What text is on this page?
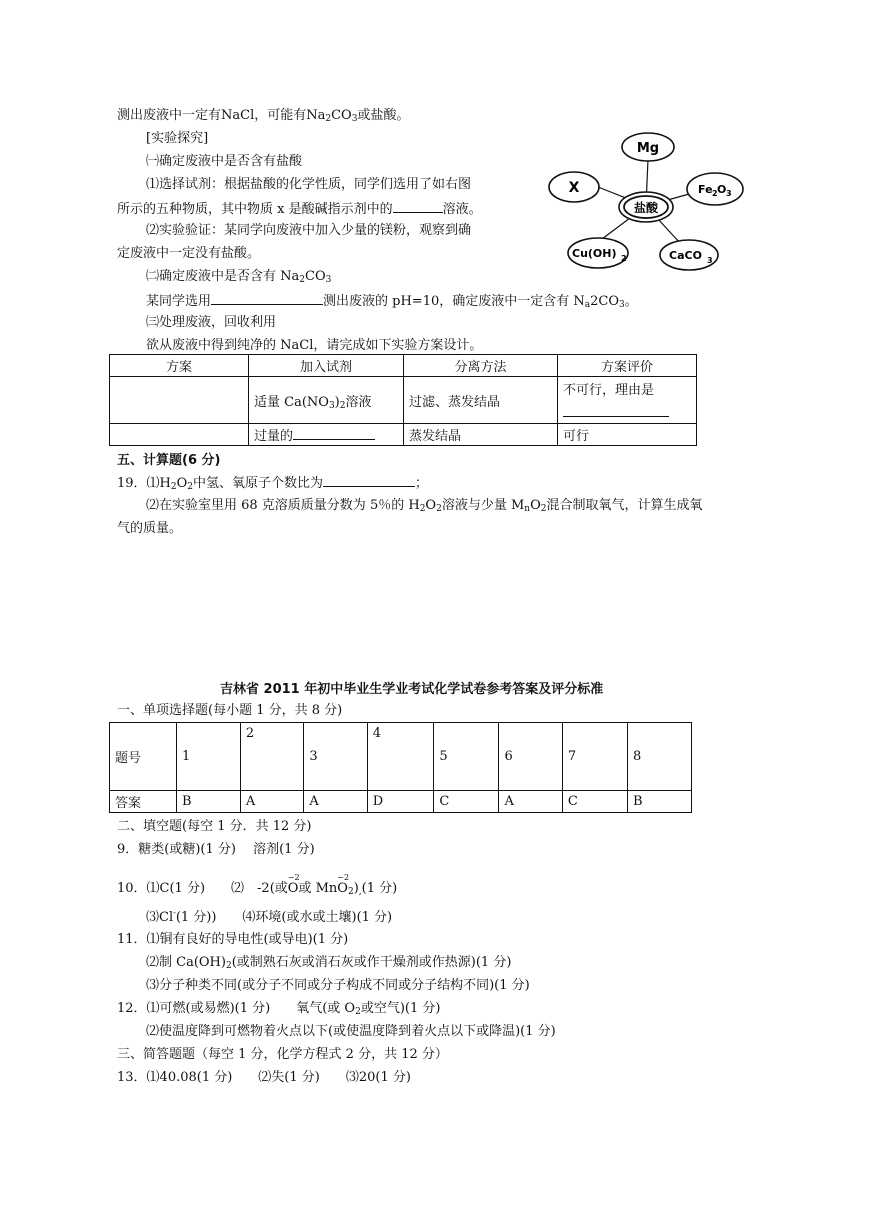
测出废液中一定有NaCl，可能有$Na_2CO_3$或盐酸。
[实验探究]
㈠确定废液中是否含有盐酸
⑴选择试剂：根据盐酸的化学性质，同学们选用了如右图
所示的五种物质，其中物质 x 是酸碱指示剂中的	溶液。
⑵实验验证：某同学向废液中加入少量的镁粉，观察到确
定废液中一定没有盐酸。
㈡确定废液中是否含有 $Na_2CO_3$
某同学选用	测出废液的 pH=10，确定废液中一定含有 $N_a2CO_3$。
㈢处理废液，回收利用
欲从废液中得到纯净的 NaCl，请完成如下实验方案设计。
Mg
X	Fe 2 O 3
盐酸
Cu(OH) 2	CaCO 3
方案	加入试剂	分离方法	方案评价
	适量 $Ca(NO_3)_2$溶液	过滤、蒸发结晶	不可行，理由是

	过量的	蒸发结晶	可行
五、计算题(6 分)
19．$⑴H_2O_2$中氢、氧原子个数比为	；
⑵在实验室里用 68 克溶质质量分数为 5％的 $H_2O_2$溶液与少量 $M_nO_2$混合制取氧气，计算生成氧
气的质量。
吉林省 2011 年初中毕业生学业考试化学试卷参考答案及评分标准
一、单项选择题(每小题 1 分，共 8 分)
题号	1	2	3	4	5	6	7	8
答案	B	A	A	D	C	A	C	B
二、填空题(每空 1 分．共 12 分)
9．糖类(或糖)(1 分)　 溶剂(1 分)
10．⑴C(1 分)　　⑵　-2(或
−2
O或 Mn
−2
$O_2)_,(1$ 分)
⑶Cl-(1 分))　　⑷环境(或水或土壤)(1 分)
11．⑴铜有良好的导电性(或导电)(1 分)
⑵制 $Ca(OH)_2$(或制熟石灰或消石灰或作干燥剂或作热源)(1 分)
⑶分子种类不同(或分子不同或分子构成不同或分子结构不同)(1 分)
12．⑴可燃(或易燃)(1 分)　　氧气(或 $O_2$或空气)(1 分)
⑵使温度降到可燃物着火点以下(或使温度降到着火点以下或降温)(1 分)
三、简答题题（每空 1 分，化学方程式 2 分，共 12 分）
13．⑴40.08(1 分)　　⑵失(1 分)　　⑶20(1 分)
